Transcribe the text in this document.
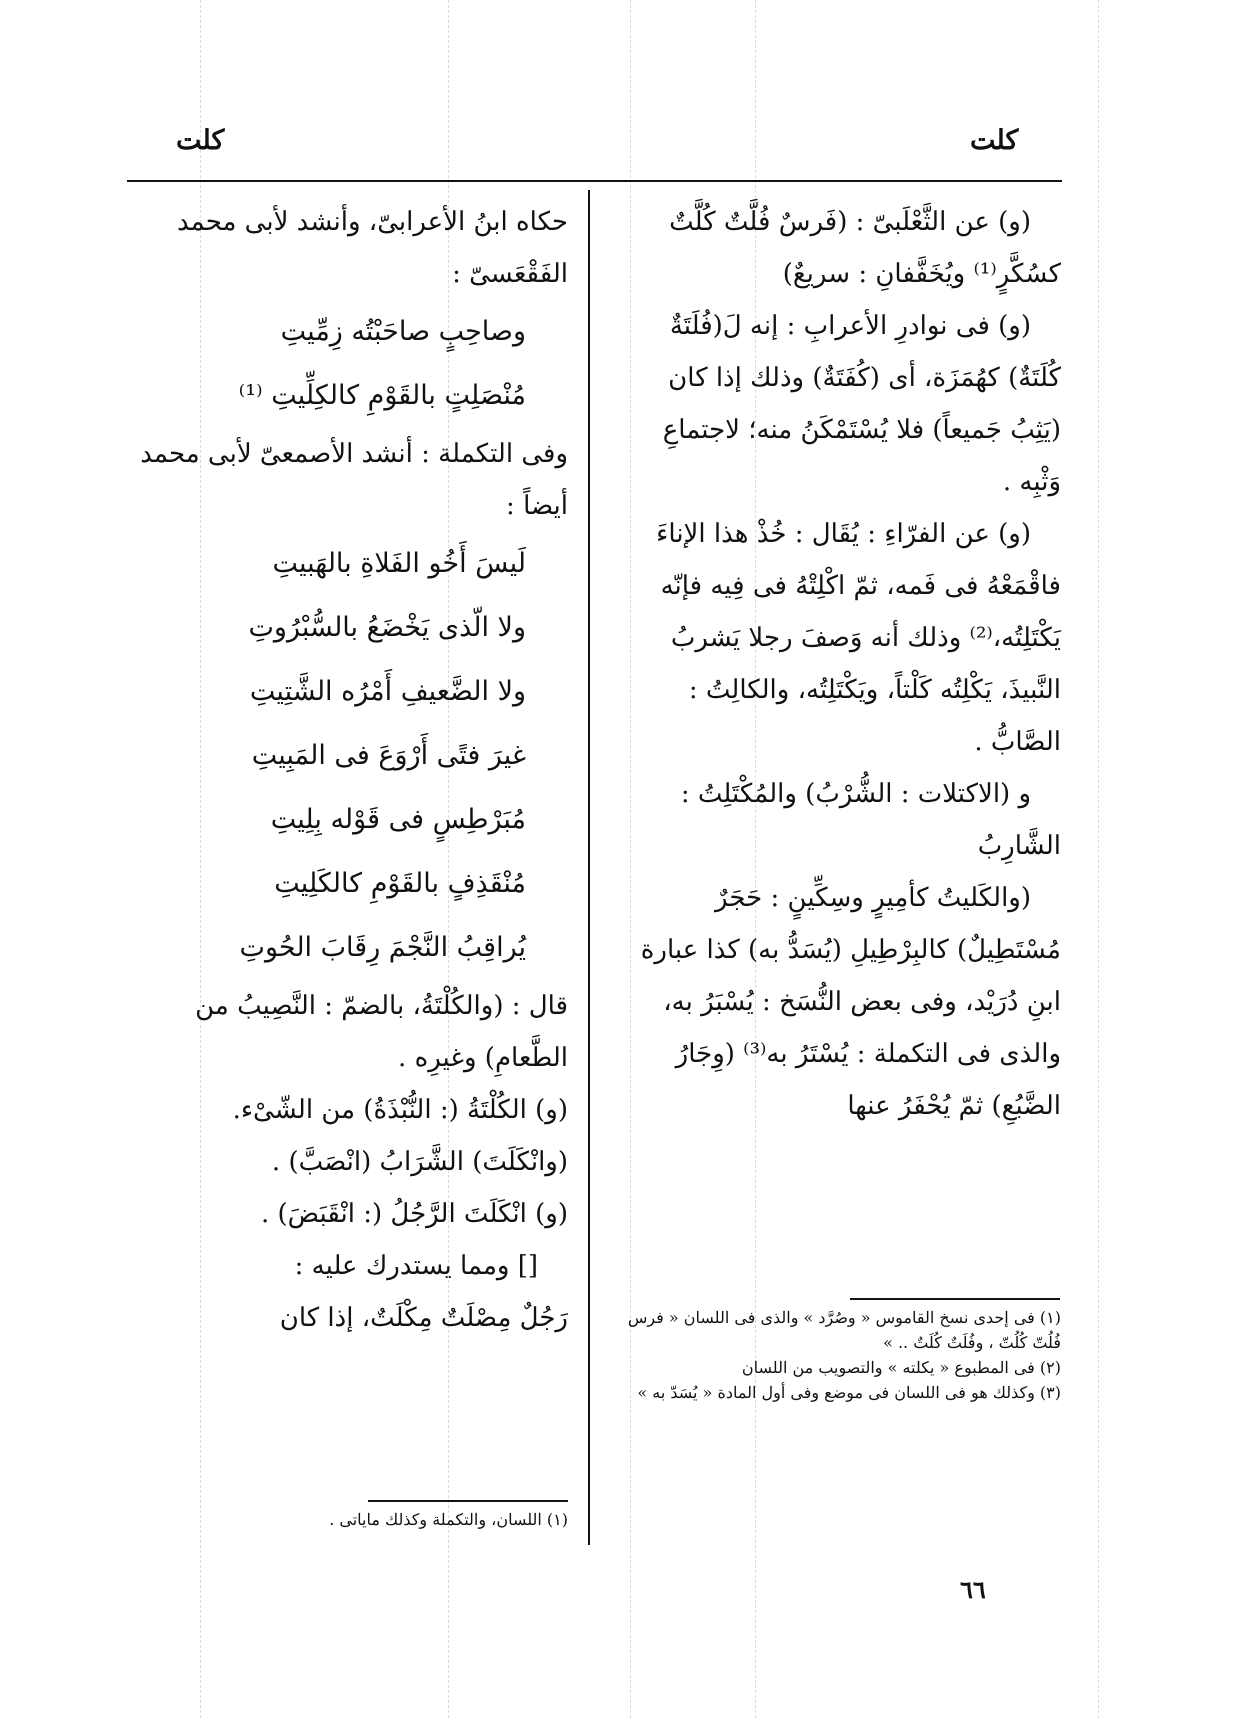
كلت	كلت

(و) عن الثَّعْلَبىّ : (فَرسٌ فُلَّتٌ كُلَّتٌ كسُكَّرٍ⁽¹⁾ ويُخَفَّفانِ : سريعٌ)

(و) فى نوادرِ الأعرابِ : إنه لَ(فُلَتَةٌ كُلَتَةٌ) كهُمَزَة، أى (كُفَتَةٌ) وذلك إذا كان (يَثِبُ جَميعاً) فلا يُسْتَمْكَنُ منه؛ لاجتماعِ وَثْبِه .

(و) عن الفرّاءِ : يُقَال : خُذْ هذا الإناءَ فاقْمَعْهُ فى فَمه، ثمّ اكْلِتْهُ فى فِيه فإنّه يَكْتَلِتُه،⁽²⁾ وذلك أنه وَصفَ رجلا يَشربُ النَّبيذَ، يَكْلِتُه كَلْتاً، ويَكْتَلِتُه، والكالِتُ : الصَّابُّ .

و (الاكتلات : الشُّرْبُ) والمُكْتَلِتُ : الشَّارِبُ

(والكَليتُ كأمِيرٍ وسِكِّينٍ : حَجَرٌ مُسْتَطِيلٌ) كالبِرْطِيلِ (يُسَدُّ به) كذا عبارة ابنِ دُرَيْد، وفى بعض النُّسَخ : يُسْبَرُ به، والذى فى التكملة : يُسْتَرُ به⁽³⁾ (وِجَارُ الضَّبُعِ) ثمّ يُحْفَرُ عنها

(١) فى إحدى نسخ القاموس « وصُرَّد » والذى فى اللسان « فرس فُلُتّ كُلُتّ ، وفُلَتٌ كُلَتٌ .. »

(٢) فى المطبوع « يكلته » والتصويب من اللسان

(٣) وكذلك هو فى اللسان فى موضع وفى أول المادة « يُسَدّ به »

حكاه ابنُ الأعرابىّ، وأنشد لأبى محمد الفَقْعَسىّ :

وصاحِبٍ صاحَبْتُه زِمِّيتِ

مُنْصَلِتٍ بالقَوْمِ كالكِلِّيتِ ⁽¹⁾

وفى التكملة : أنشد الأصمعىّ لأبى محمد أيضاً :

لَيسَ أَخُو الفَلاةِ بالهَبيتِ

ولا الّذى يَخْضَعُ بالسُّبْرُوتِ

ولا الضَّعيفِ أَمْرُه الشَّتِيتِ

غيرَ فتًى أَرْوَعَ فى المَبِيتِ

مُبَرْطِسٍ فى قَوْله بِلِيتِ

مُنْقَذِفٍ بالقَوْمِ كالكَلِيتِ

يُراقِبُ النَّجْمَ رِقَابَ الحُوتِ

قال : (والكُلْتَةُ، بالضمّ : النَّصِيبُ من الطَّعامِ) وغيرِه .

(و) الكُلْتَةُ (: النُّبْذَةُ) من الشّىْء.

(وانْكَلَتَ) الشَّرَابُ (انْصَبَّ) .

(و) انْكَلَتَ الرَّجُلُ (: انْقَبَضَ) .

[] ومما يستدرك عليه :

رَجُلٌ مِصْلَتٌ مِكْلَتٌ، إذا كان

(١) اللسان، والتكملة وكذلك ماياتى .

٦٦
